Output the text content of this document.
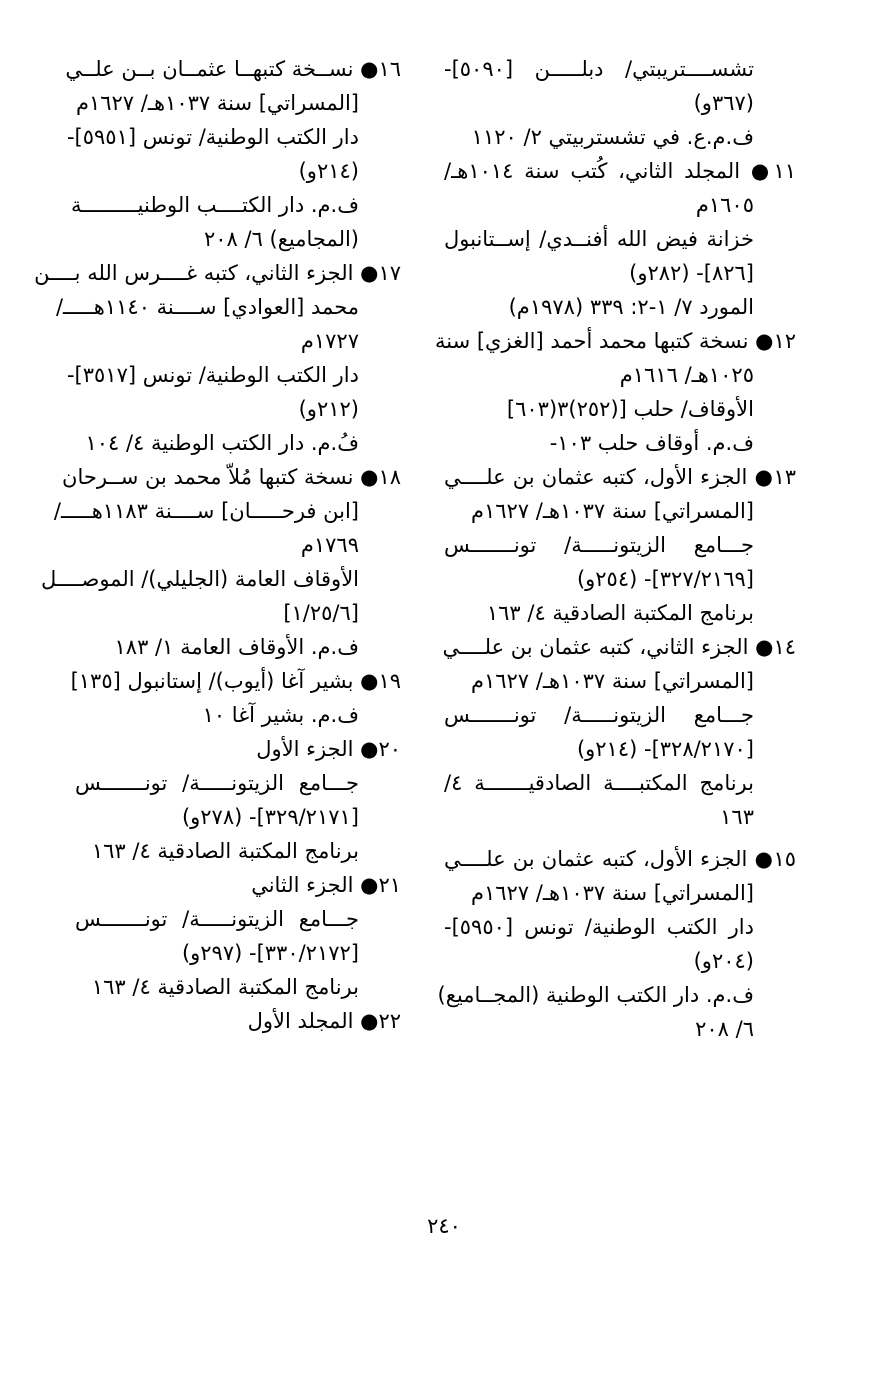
تشســــتريبتي/ دبلـــــن [٥٠٩٠]-
(٣٦٧و)
ف.م.ع. في تشستربيتي ٢/ ١١٢٠
١١● المجلد الثاني، كُتب سنة ١٠١٤هـ/
١٦٠٥م
خزانة فيض الله أفنــدي/ إســتانبول
[٨٢٦]- (٢٨٢و)
المورد ٧/ ١-٢: ٣٣٩ (١٩٧٨م)
١٢● نسخة كتبها محمد أحمد [الغزي] سنة
١٠٢٥هـ/ ١٦١٦م
الأوقاف/ حلب [(٢٥٢)٣(٦٠٣]
ف.م. أوقاف حلب ١٠٣-
١٣● الجزء الأول، كتبه عثمان بن علــــي
[المسراتي] سنة ١٠٣٧هـ/ ١٦٢٧م
جـــامع الزيتونـــــة/ تونـــــــس
[٣٢٧/٢١٦٩]- (٢٥٤و)
برنامج المكتبة الصادقية ٤/ ١٦٣
١٤● الجزء الثاني، كتبه عثمان بن علــــي
[المسراتي] سنة ١٠٣٧هـ/ ١٦٢٧م
جـــامع الزيتونـــــة/ تونـــــــس
[٣٢٨/٢١٧٠]- (٢١٤و)
برنامج المكتبــــة الصادقيـــــــة ٤/
١٦٣
١٥● الجزء الأول، كتبه عثمان بن علــــي
[المسراتي] سنة ١٠٣٧هـ/ ١٦٢٧م
دار الكتب الوطنية/ تونس [٥٩٥٠]-
(٢٠٤و)
ف.م. دار الكتب الوطنية (المجــاميع)
٦/ ٢٠٨
١٦● نســخة كتبهــا عثمــان بــن علــي
[المسراتي] سنة ١٠٣٧هـ/ ١٦٢٧م
دار الكتب الوطنية/ تونس [٥٩٥١]-
(٢١٤و)
ف.م. دار الكتــــب الوطنيـــــــــة
(المجاميع) ٦/ ٢٠٨
١٧● الجزء الثاني، كتبه غــــرس الله بــــن
محمد [العوادي] ســــنة ١١٤٠هـــــ/
١٧٢٧م
دار الكتب الوطنية/ تونس [٣٥١٧]-
(٢١٢و)
فُ.م. دار الكتب الوطنية ٤/ ١٠٤
١٨● نسخة كتبها مُلاّ محمد بن ســرحان
[ابن فرحـــــان] ســــنة ١١٨٣هـــــ/
١٧٦٩م
الأوقاف العامة (الجليلي)/ الموصــــل
[١/٢٥/٦]
ف.م. الأوقاف العامة ١/ ١٨٣
١٩● بشير آغا (أيوب)/ إستانبول [١٣٥]
ف.م. بشير آغا ١٠
٢٠● الجزء الأول
جـــامع الزيتونـــــة/ تونـــــــس
[٣٢٩/٢١٧١]- (٢٧٨و)
برنامج المكتبة الصادقية ٤/ ١٦٣
٢١● الجزء الثاني
جـــامع الزيتونـــــة/ تونـــــــس
[٣٣٠/٢١٧٢]- (٢٩٧و)
برنامج المكتبة الصادقية ٤/ ١٦٣
٢٢● المجلد الأول
٢٤٠
